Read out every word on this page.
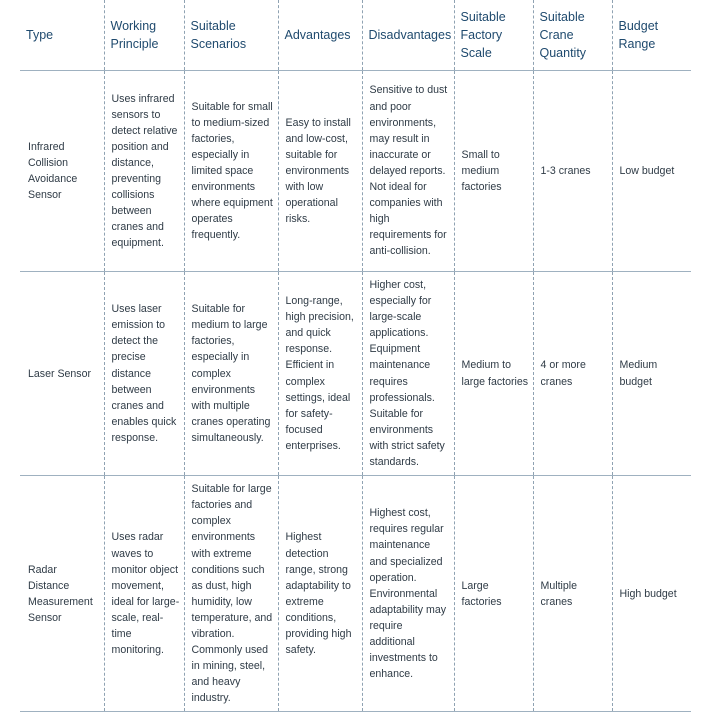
Type	Working Principle	Suitable Scenarios	Advantages	Disadvantages	Suitable Factory Scale	Suitable Crane Quantity	Budget Range
Infrared Collision Avoidance Sensor	Uses infrared sensors to detect relative position and distance, preventing collisions between cranes and equipment.	Suitable for small to medium-sized factories, especially in limited space environments where equipment operates frequently.	Easy to install and low-cost, suitable for environments with low operational risks.	Sensitive to dust and poor environments, may result in inaccurate or delayed reports. Not ideal for companies with high requirements for anti-collision.	Small to medium factories	1-3 cranes	Low budget
Laser Sensor	Uses laser emission to detect the precise distance between cranes and enables quick response.	Suitable for medium to large factories, especially in complex environments with multiple cranes operating simultaneously.	Long-range, high precision, and quick response. Efficient in complex settings, ideal for safety-focused enterprises.	Higher cost, especially for large-scale applications. Equipment maintenance requires professionals. Suitable for environments with strict safety standards.	Medium to large factories	4 or more cranes	Medium budget
Radar Distance Measurement Sensor	Uses radar waves to monitor object movement, ideal for large-scale, real-time monitoring.	Suitable for large factories and complex environments with extreme conditions such as dust, high humidity, low temperature, and vibration. Commonly used in mining, steel, and heavy industry.	Highest detection range, strong adaptability to extreme conditions, providing high safety.	Highest cost, requires regular maintenance and specialized operation. Environmental adaptability may require additional investments to enhance.	Large factories	Multiple cranes	High budget
